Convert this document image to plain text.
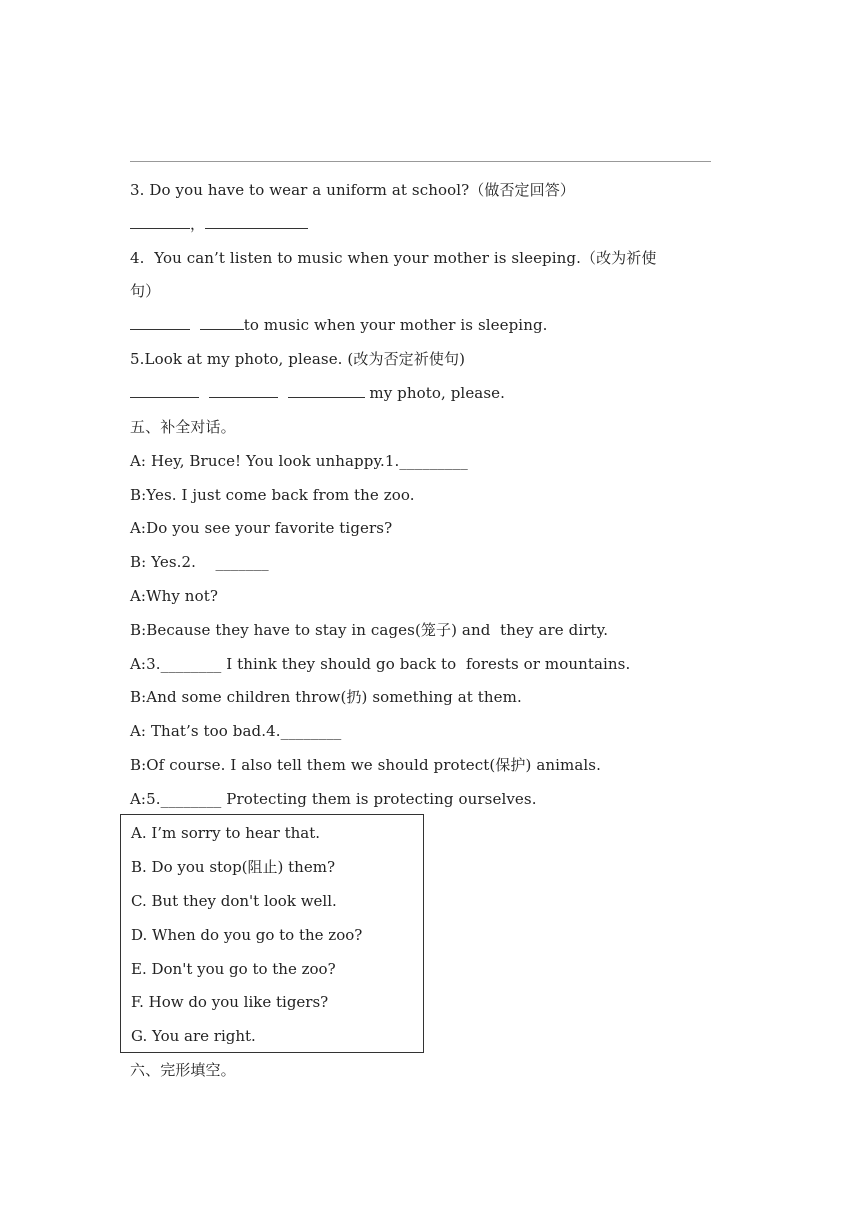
3. Do you have to wear a uniform at school?（做否定回答）
，
4.  You can’t listen to music when your mother is sleeping.（改为祈使
句）
to music when your mother is sleeping.
5.Look at my photo, please. (改为否定祈使句)
my photo, please.
五、补全对话。
A: Hey, Bruce! You look unhappy.1._________
B:Yes. I just come back from the zoo.
A:Do you see your favorite tigers?
B: Yes.2.    _______
A:Why not?
B:Because they have to stay in cages(笼子) and  they are dirty.
A:3.________ I think they should go back to  forests or mountains.
B:And some children throw(扔) something at them.
A: That’s too bad.4.________
B:Of course. I also tell them we should protect(保护) animals.
A:5.________ Protecting them is protecting ourselves.
A. I’m sorry to hear that.
B. Do you stop(阻止) them?
C. But they don't look well.
D. When do you go to the zoo?
E. Don't you go to the zoo?
F. How do you like tigers?
G. You are right.
六、完形填空。
